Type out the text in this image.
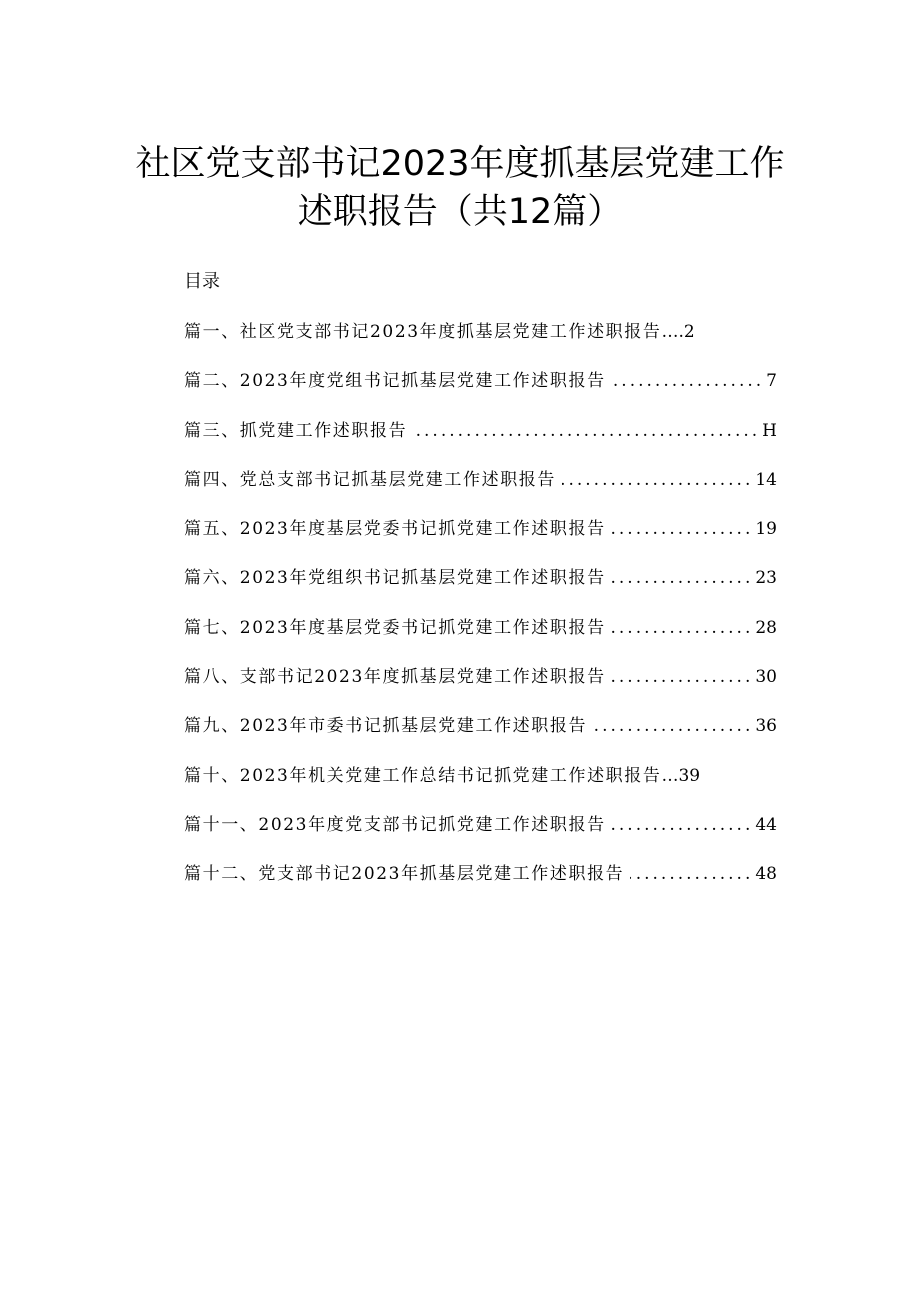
社区党支部书记2023年度抓基层党建工作
述职报告（共12篇）
目录
篇一、社区党支部书记2023年度抓基层党建工作述职报告 ….2
篇二、2023年度党组书记抓基层党建工作述职报告 .....	7
篇三、抓党建工作述职报告 .....	H
篇四、党总支部书记抓基层党建工作述职报告 .....	14
篇五、2023年度基层党委书记抓党建工作述职报告 .....	19
篇六、2023年党组织书记抓基层党建工作述职报告 .....	23
篇七、2023年度基层党委书记抓党建工作述职报告 .....	28
篇八、支部书记2023年度抓基层党建工作述职报告 .....	30
篇九、2023年市委书记抓基层党建工作述职报告 .....	36
篇十、2023年机关党建工作总结书记抓党建工作述职报告 …39
篇十一、2023年度党支部书记抓党建工作述职报告 .....	44
篇十二、党支部书记2023年抓基层党建工作述职报告 .....	48
